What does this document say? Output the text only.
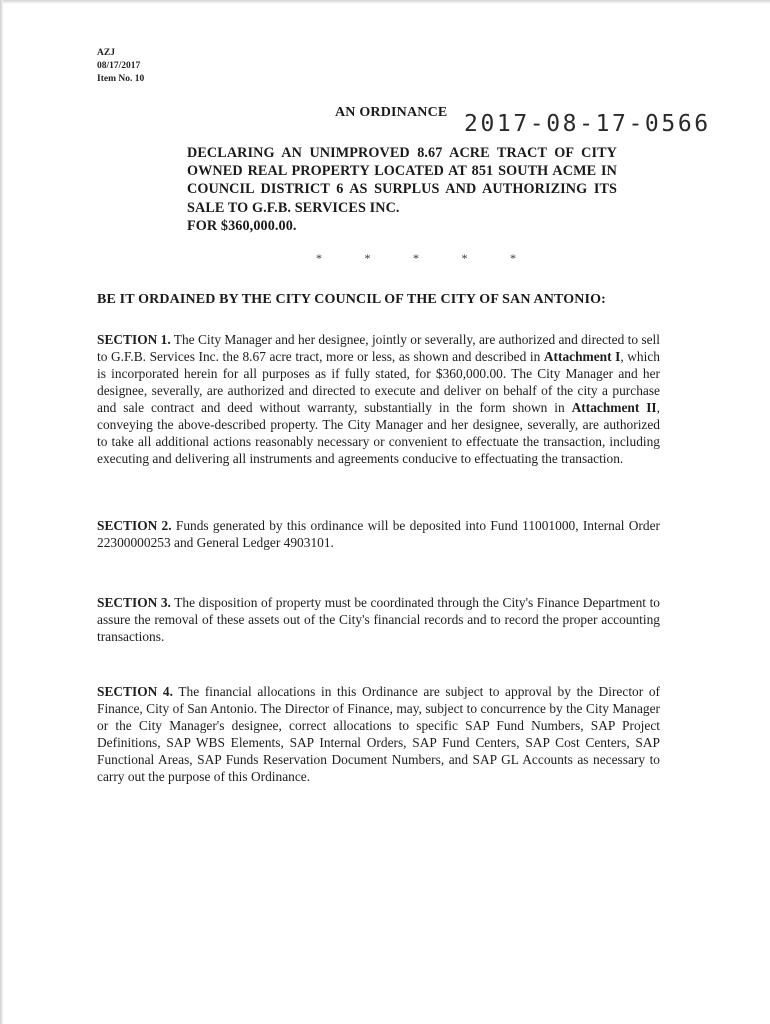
AZJ
08/17/2017
Item No. 10
AN ORDINANCE 2017-08-17-0566
DECLARING AN UNIMPROVED 8.67 ACRE TRACT OF CITY OWNED REAL PROPERTY LOCATED AT 851 SOUTH ACME IN COUNCIL DISTRICT 6 AS SURPLUS AND AUTHORIZING ITS SALE TO G.F.B. SERVICES INC.
FOR $360,000.00.
*	*	*	*	*
BE IT ORDAINED BY THE CITY COUNCIL OF THE CITY OF SAN ANTONIO:
SECTION 1. The City Manager and her designee, jointly or severally, are authorized and directed to sell to G.F.B. Services Inc. the 8.67 acre tract, more or less, as shown and described in Attachment I, which is incorporated herein for all purposes as if fully stated, for $360,000.00. The City Manager and her designee, severally, are authorized and directed to execute and deliver on behalf of the city a purchase and sale contract and deed without warranty, substantially in the form shown in Attachment II, conveying the above-described property. The City Manager and her designee, severally, are authorized to take all additional actions reasonably necessary or convenient to effectuate the transaction, including executing and delivering all instruments and agreements conducive to effectuating the transaction.
SECTION 2. Funds generated by this ordinance will be deposited into Fund 11001000, Internal Order 22300000253 and General Ledger 4903101.
SECTION 3. The disposition of property must be coordinated through the City's Finance Department to assure the removal of these assets out of the City's financial records and to record the proper accounting transactions.
SECTION 4. The financial allocations in this Ordinance are subject to approval by the Director of Finance, City of San Antonio. The Director of Finance, may, subject to concurrence by the City Manager or the City Manager's designee, correct allocations to specific SAP Fund Numbers, SAP Project Definitions, SAP WBS Elements, SAP Internal Orders, SAP Fund Centers, SAP Cost Centers, SAP Functional Areas, SAP Funds Reservation Document Numbers, and SAP GL Accounts as necessary to carry out the purpose of this Ordinance.
